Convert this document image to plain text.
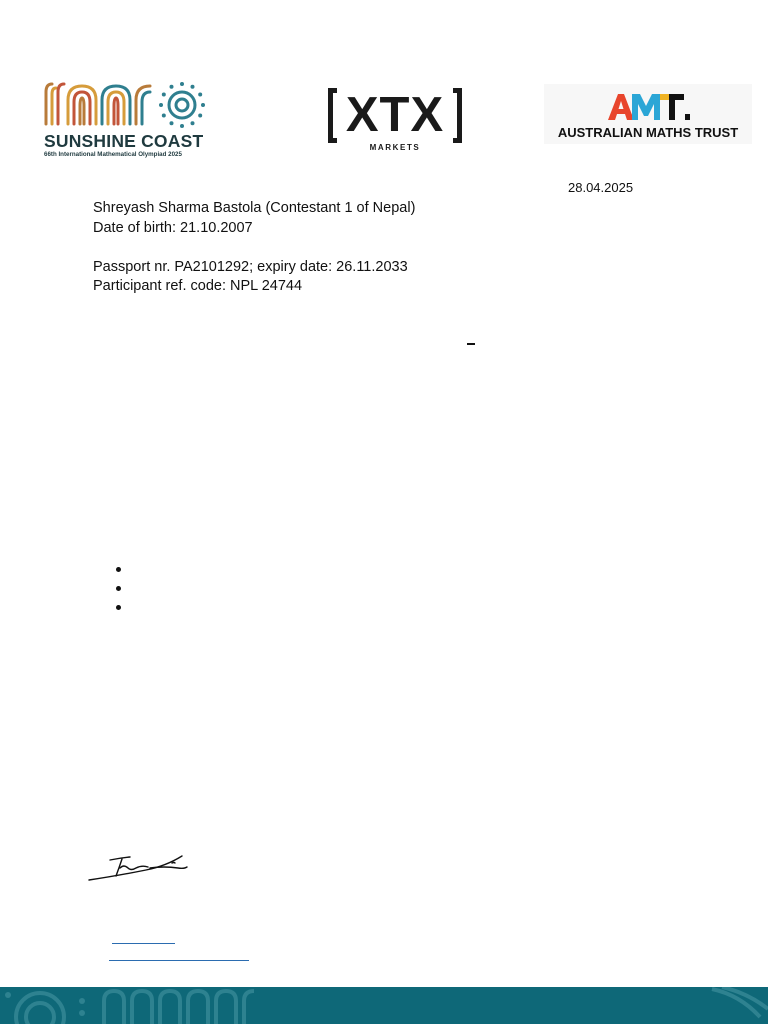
SUNSHINE COAST
66th International Mathematical Olympiad 2025
XTX
MARKETS
AUSTRALIAN MATHS TRUST
28.04.2025
Shreyash Sharma Bastola (Contestant 1 of Nepal)
Date of birth: 21.10.2007
Passport nr. PA2101292; expiry date: 26.11.2033
Participant ref. code: NPL 24744
